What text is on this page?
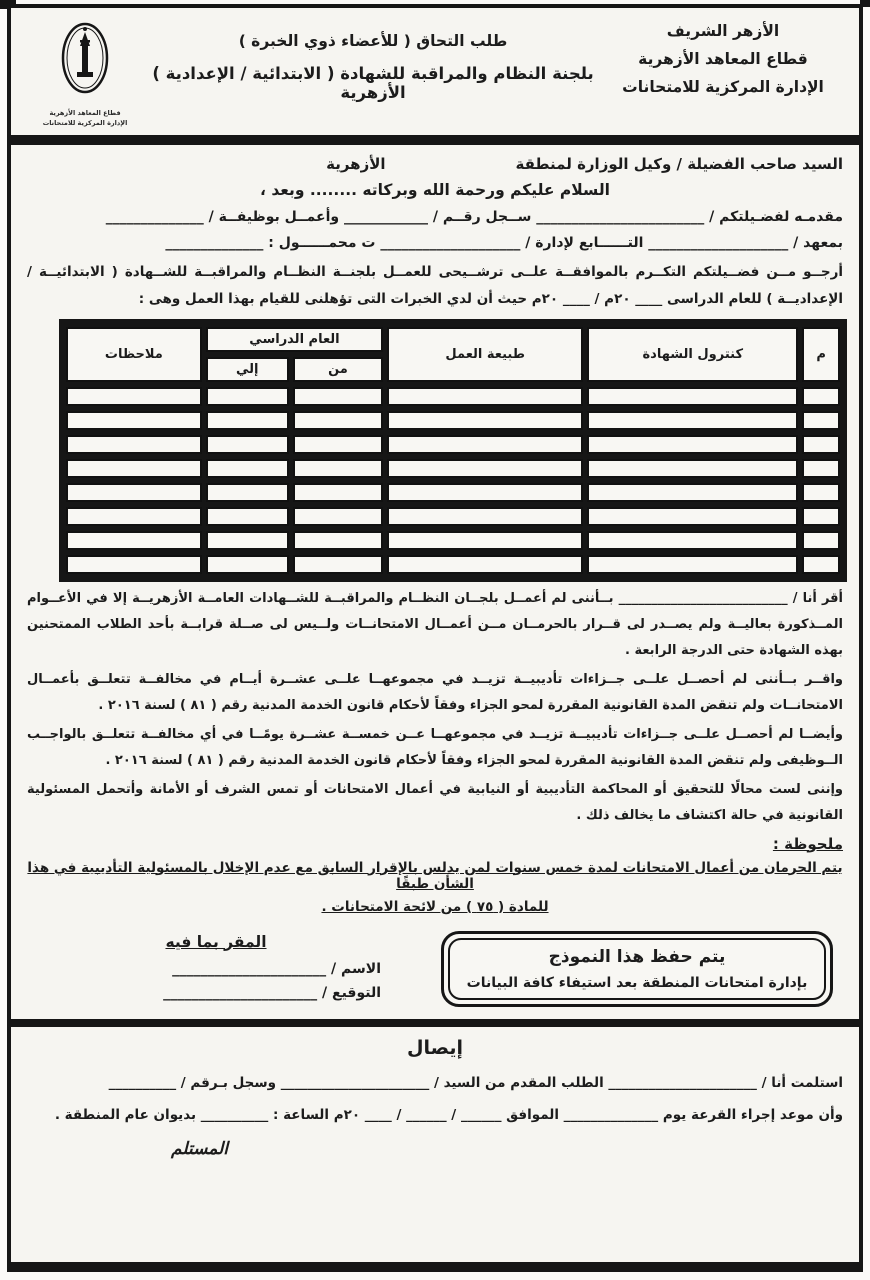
الأزهر الشريف
قطاع المعاهد الأزهرية
الإدارة المركزية للامتحانات
طلب التحاق ( للأعضاء ذوي الخبرة )
بلجنة النظام والمراقبة للشهادة ( الابتدائية / الإعدادية ) الأزهرية
قطاع المعاهد الأزهرية
الإدارة المركزية للامتحانات
السيد صاحب الفضيلة / وكيل الوزارة لمنطقة
الأزهرية
السلام عليكم ورحمة الله وبركاته ........ وبعد ،
مقدمـه لفضـيلتكم / ________________________ ســجل رقــم / ____________ وأعمــل بوظيفــة / ______________
بمعهد / ____________________ التــــــابع لإدارة / ____________________ ت محمــــــول : ______________

أرجــو مــن فضــيلتكم التكــرم بالموافقــة علــى ترشــيحى للعمــل بلجنــة النظــام والمراقبــة للشــهادة ( الابتدائيــة / الإعداديــة ) للعام الدراسى ____ ٢٠م / ____ ٢٠م حيث أن لدي الخبرات التى تؤهلنى للقيام بهذا العمل وهى :

م	كنترول الشهادة	طبيعة العمل	العام الدراسي		ملاحظات
			من	إلي	

أقر أنا / __________________________ بــأننى لم أعمــل بلجــان النظــام والمراقبــة للشــهادات العامــة الأزهريــة إلا في الأعــوام المــذكورة بعاليــة ولم يصــدر لى قــرار بالحرمــان مــن أعمــال الامتحانــات ولــيس لى صــلة قرابــة بأحد الطلاب الممتحنين بهذه الشهادة حتى الدرجة الرابعة .

واقــر بــأننى لم أحصــل علــى جــزاءات تأديبيــة تزيــد في مجموعهــا علــى عشــرة أيــام في مخالفــة تتعلــق بأعمــال الامتحانــات ولم تنقض المدة القانونية المقررة لمحو الجزاء وفقاً لأحكام قانون الخدمة المدنية رقم ( ٨١ ) لسنة ٢٠١٦ .

وأيضــا لم أحصــل علــى جــزاءات تأديبيــة تزيــد في مجموعهــا عــن خمســة عشــرة يومًــا في أي مخالفــة تتعلــق بالواجــب الــوظيفى ولم تنقض المدة القانونية المقررة لمحو الجزاء وفقاً لأحكام قانون الخدمة المدنية رقم ( ٨١ ) لسنة ٢٠١٦ .

وإننى لست محالًا للتحقيق أو المحاكمة التأديبية أو النيابية في أعمال الامتحانات أو تمس الشرف أو الأمانة وأتحمل المسئولية القانونية في حالة اكتشاف ما يخالف ذلك .

ملحوظة :
يتم الحرمان من أعمال الامتحانات لمدة خمس سنوات لمن يدلس بالإقرار السابق مع عدم الإخلال بالمسئولية التأديبية في هذا الشأن طبقًا
للمادة ( ٧٥ ) من لائحة الامتحانات .
يتم حفظ هذا النموذج
بإدارة امتحانات المنطقة بعد استيفاء كافة البيانات
المقر بما فيه
الاسم / ______________________
التوقيع / ______________________
إيصال
استلمت أنا / ______________________ الطلب المقدم من السيد / ______________________ وسجل بـرقم / __________
وأن موعد إجراء القرعة يوم ______________ الموافق ______ / ______ / ____ ٢٠م الساعة : __________ بديوان عام المنطقة .
المستلم
